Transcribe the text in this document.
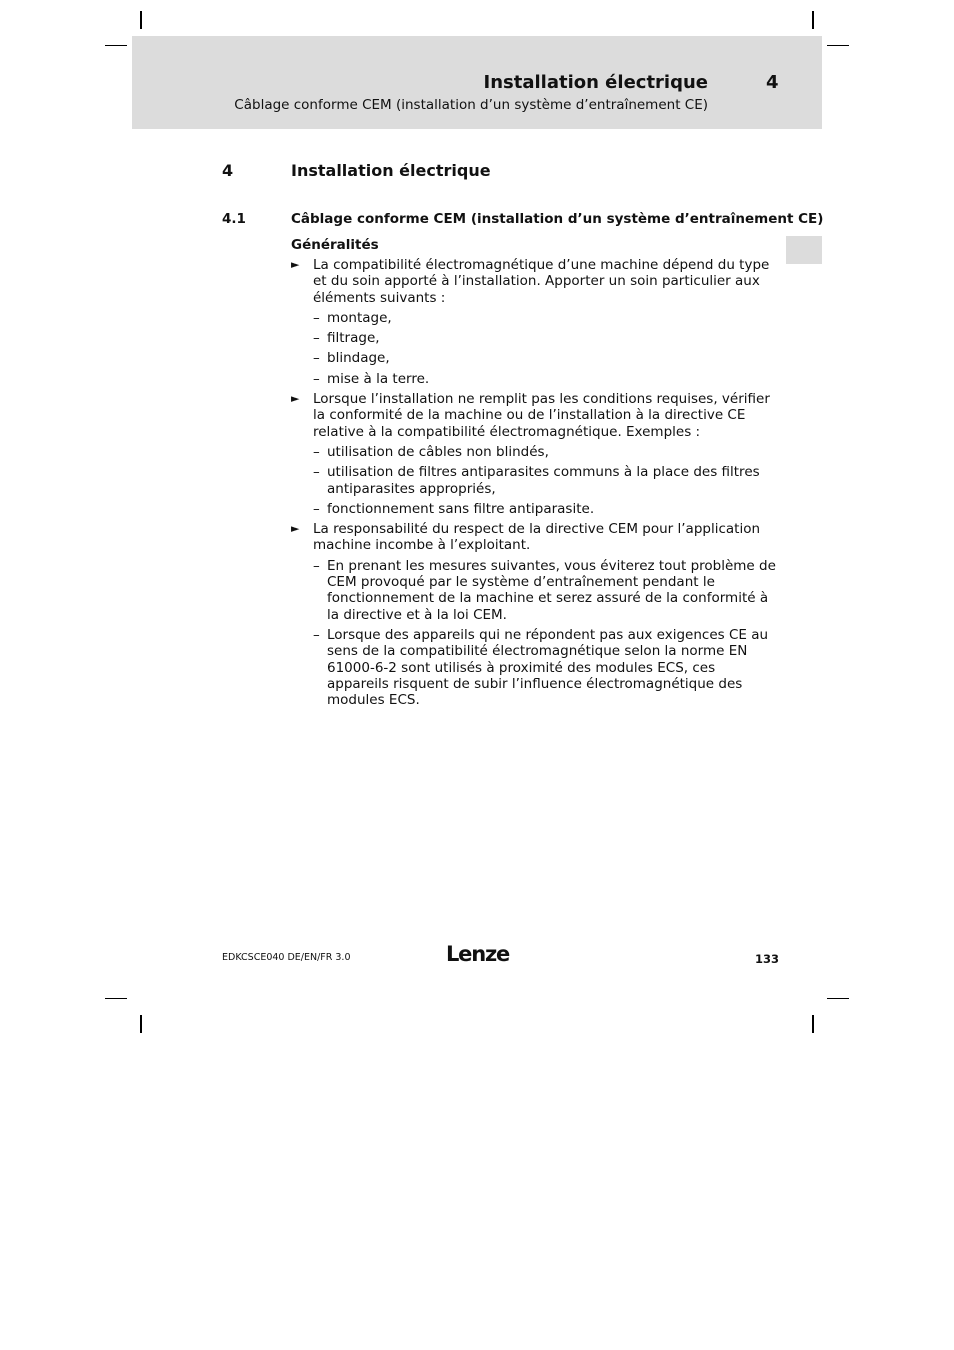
Installation électrique	4
Câblage conforme CEM (installation d’un système d’entraînement CE)
4	Installation électrique
4.1	Câblage conforme CEM (installation d’un système d’entraînement CE)
Généralités
► La compatibilité électromagnétique d’une machine dépend du type et du soin apporté à l’installation. Apporter un soin particulier aux éléments suivants :
– montage,
– filtrage,
– blindage,
– mise à la terre.
► Lorsque l’installation ne remplit pas les conditions requises, vérifier la conformité de la machine ou de l’installation à la directive CE relative à la compatibilité électromagnétique. Exemples :
– utilisation de câbles non blindés,
– utilisation de filtres antiparasites communs à la place des filtres antiparasites appropriés,
– fonctionnement sans filtre antiparasite.
► La responsabilité du respect de la directive CEM pour l’application machine incombe à l’exploitant.
– En prenant les mesures suivantes, vous éviterez tout problème de CEM provoqué par le système d’entraînement pendant le fonctionnement de la machine et serez assuré de la conformité à la directive et à la loi CEM.
– Lorsque des appareils qui ne répondent pas aux exigences CE au sens de la compatibilité électromagnétique selon la norme EN 61000-6-2 sont utilisés à proximité des modules ECS, ces appareils risquent de subir l’influence électromagnétique des modules ECS.
EDKCSCE040 DE/EN/FR 3.0	Lenze	133
